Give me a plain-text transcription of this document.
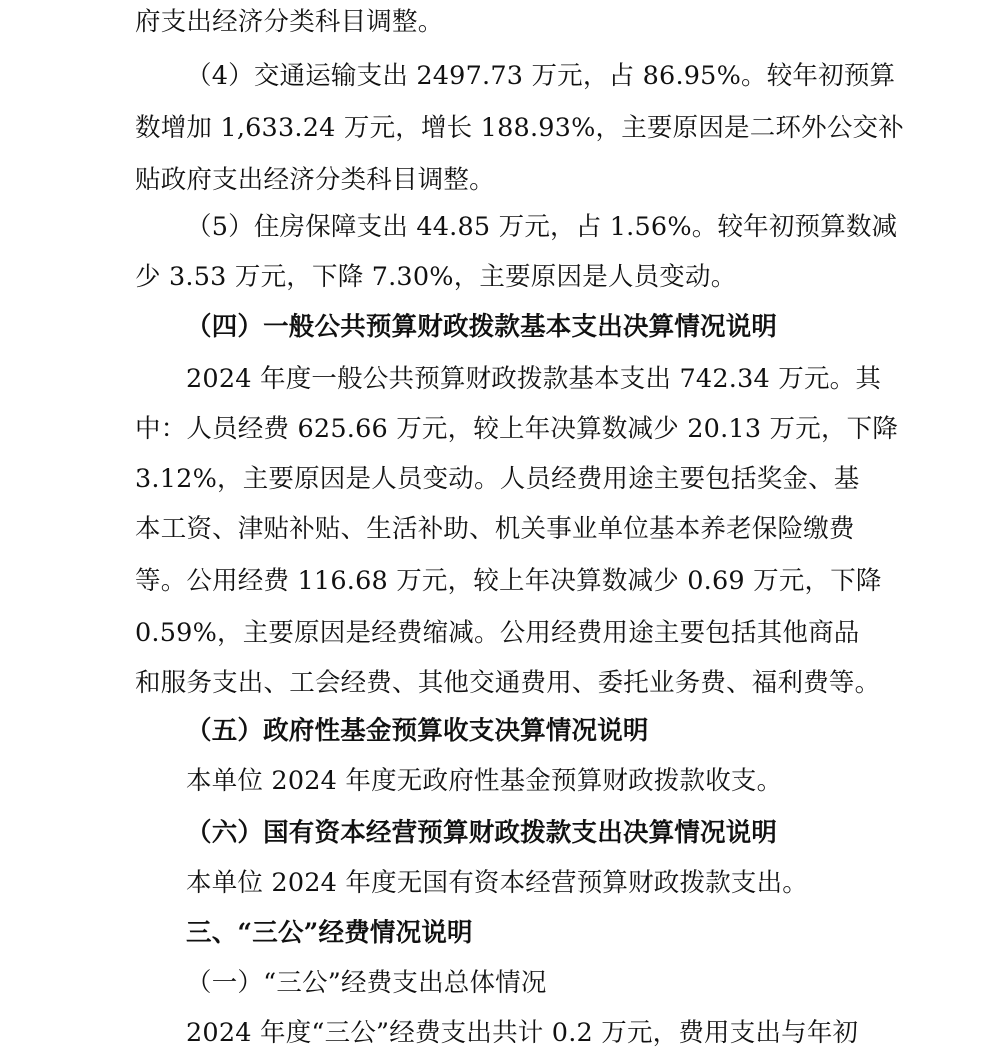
府支出经济分类科目调整。
（4）交通运输支出 2497.73 万元，占 86.95%。较年初预算
数增加 1,633.24 万元，增长 188.93%，主要原因是二环外公交补
贴政府支出经济分类科目调整。
（5）住房保障支出 44.85 万元，占 1.56%。较年初预算数减
少 3.53 万元，下降 7.30%，主要原因是人员变动。
（四）一般公共预算财政拨款基本支出决算情况说明
2024 年度一般公共预算财政拨款基本支出 742.34 万元。其
中：人员经费 625.66 万元，较上年决算数减少 20.13 万元，下降
3.12%，主要原因是人员变动。人员经费用途主要包括奖金、基
本工资、津贴补贴、生活补助、机关事业单位基本养老保险缴费
等。公用经费 116.68 万元，较上年决算数减少 0.69 万元，下降
0.59%，主要原因是经费缩减。公用经费用途主要包括其他商品
和服务支出、工会经费、其他交通费用、委托业务费、福利费等。
（五）政府性基金预算收支决算情况说明
本单位 2024 年度无政府性基金预算财政拨款收支。
（六）国有资本经营预算财政拨款支出决算情况说明
本单位 2024 年度无国有资本经营预算财政拨款支出。
三、“三公”经费情况说明
（一）“三公”经费支出总体情况
2024 年度“三公”经费支出共计 0.2 万元，费用支出与年初
